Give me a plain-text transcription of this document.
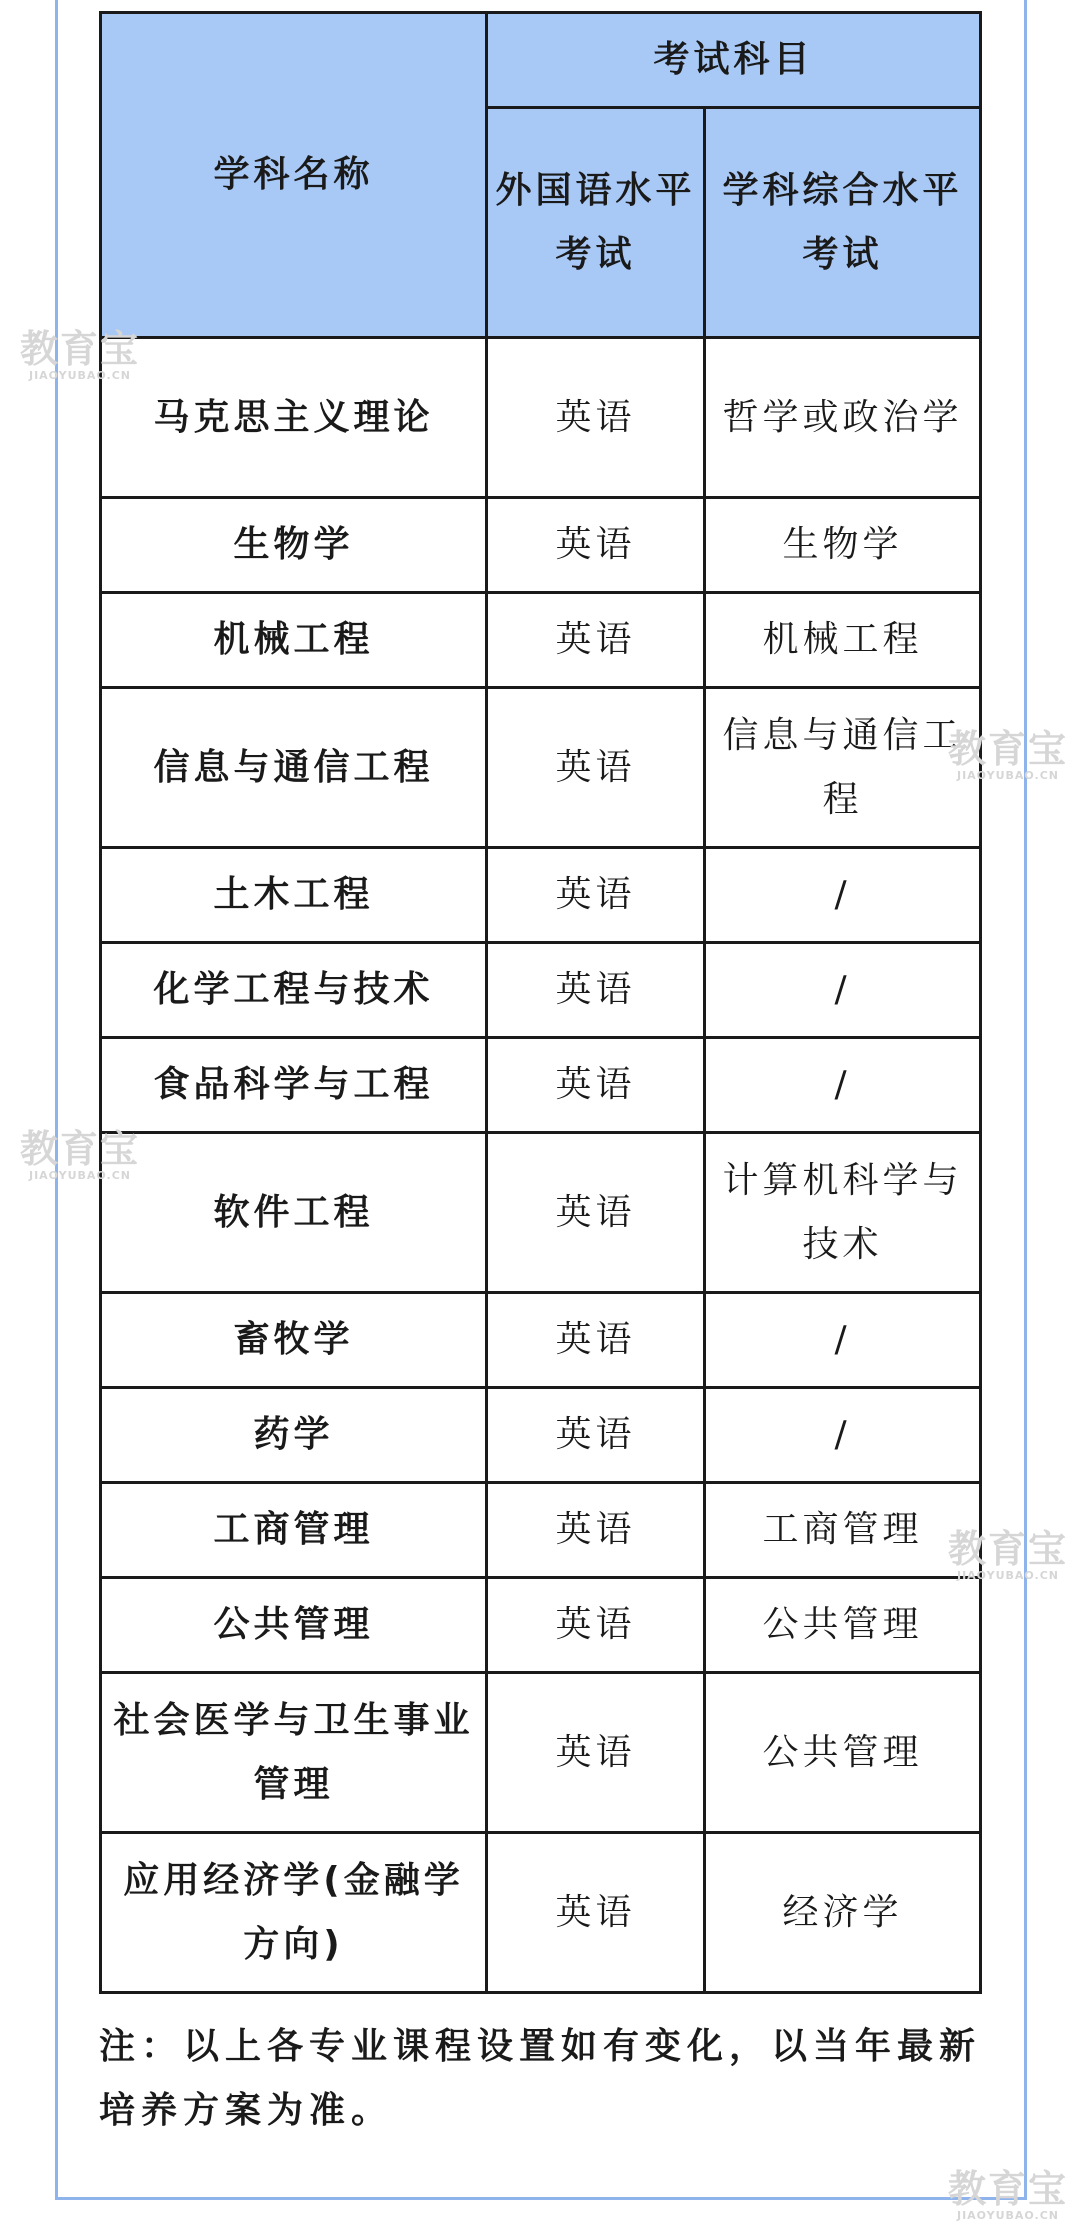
学科名称	考试科目	
	外国语水平考试	学科综合水平考试
马克思主义理论	英语	哲学或政治学
生物学	英语	生物学
机械工程	英语	机械工程
信息与通信工程	英语	信息与通信工程
土木工程	英语	/
化学工程与技术	英语	/
食品科学与工程	英语	/
软件工程	英语	计算机科学与技术
畜牧学	英语	/
药学	英语	/
工商管理	英语	工商管理
公共管理	英语	公共管理
社会医学与卫生事业管理	英语	公共管理
应用经济学(金融学方向)	英语	经济学
注：以上各专业课程设置如有变化，以当年最新培养方案为准。
教育宝
JIAOYUBAO.CN
教育宝
JIAOYUBAO.CN
教育宝
JIAOYUBAO.CN
教育宝
JIAOYUBAO.CN
教育宝
JIAOYUBAO.CN
